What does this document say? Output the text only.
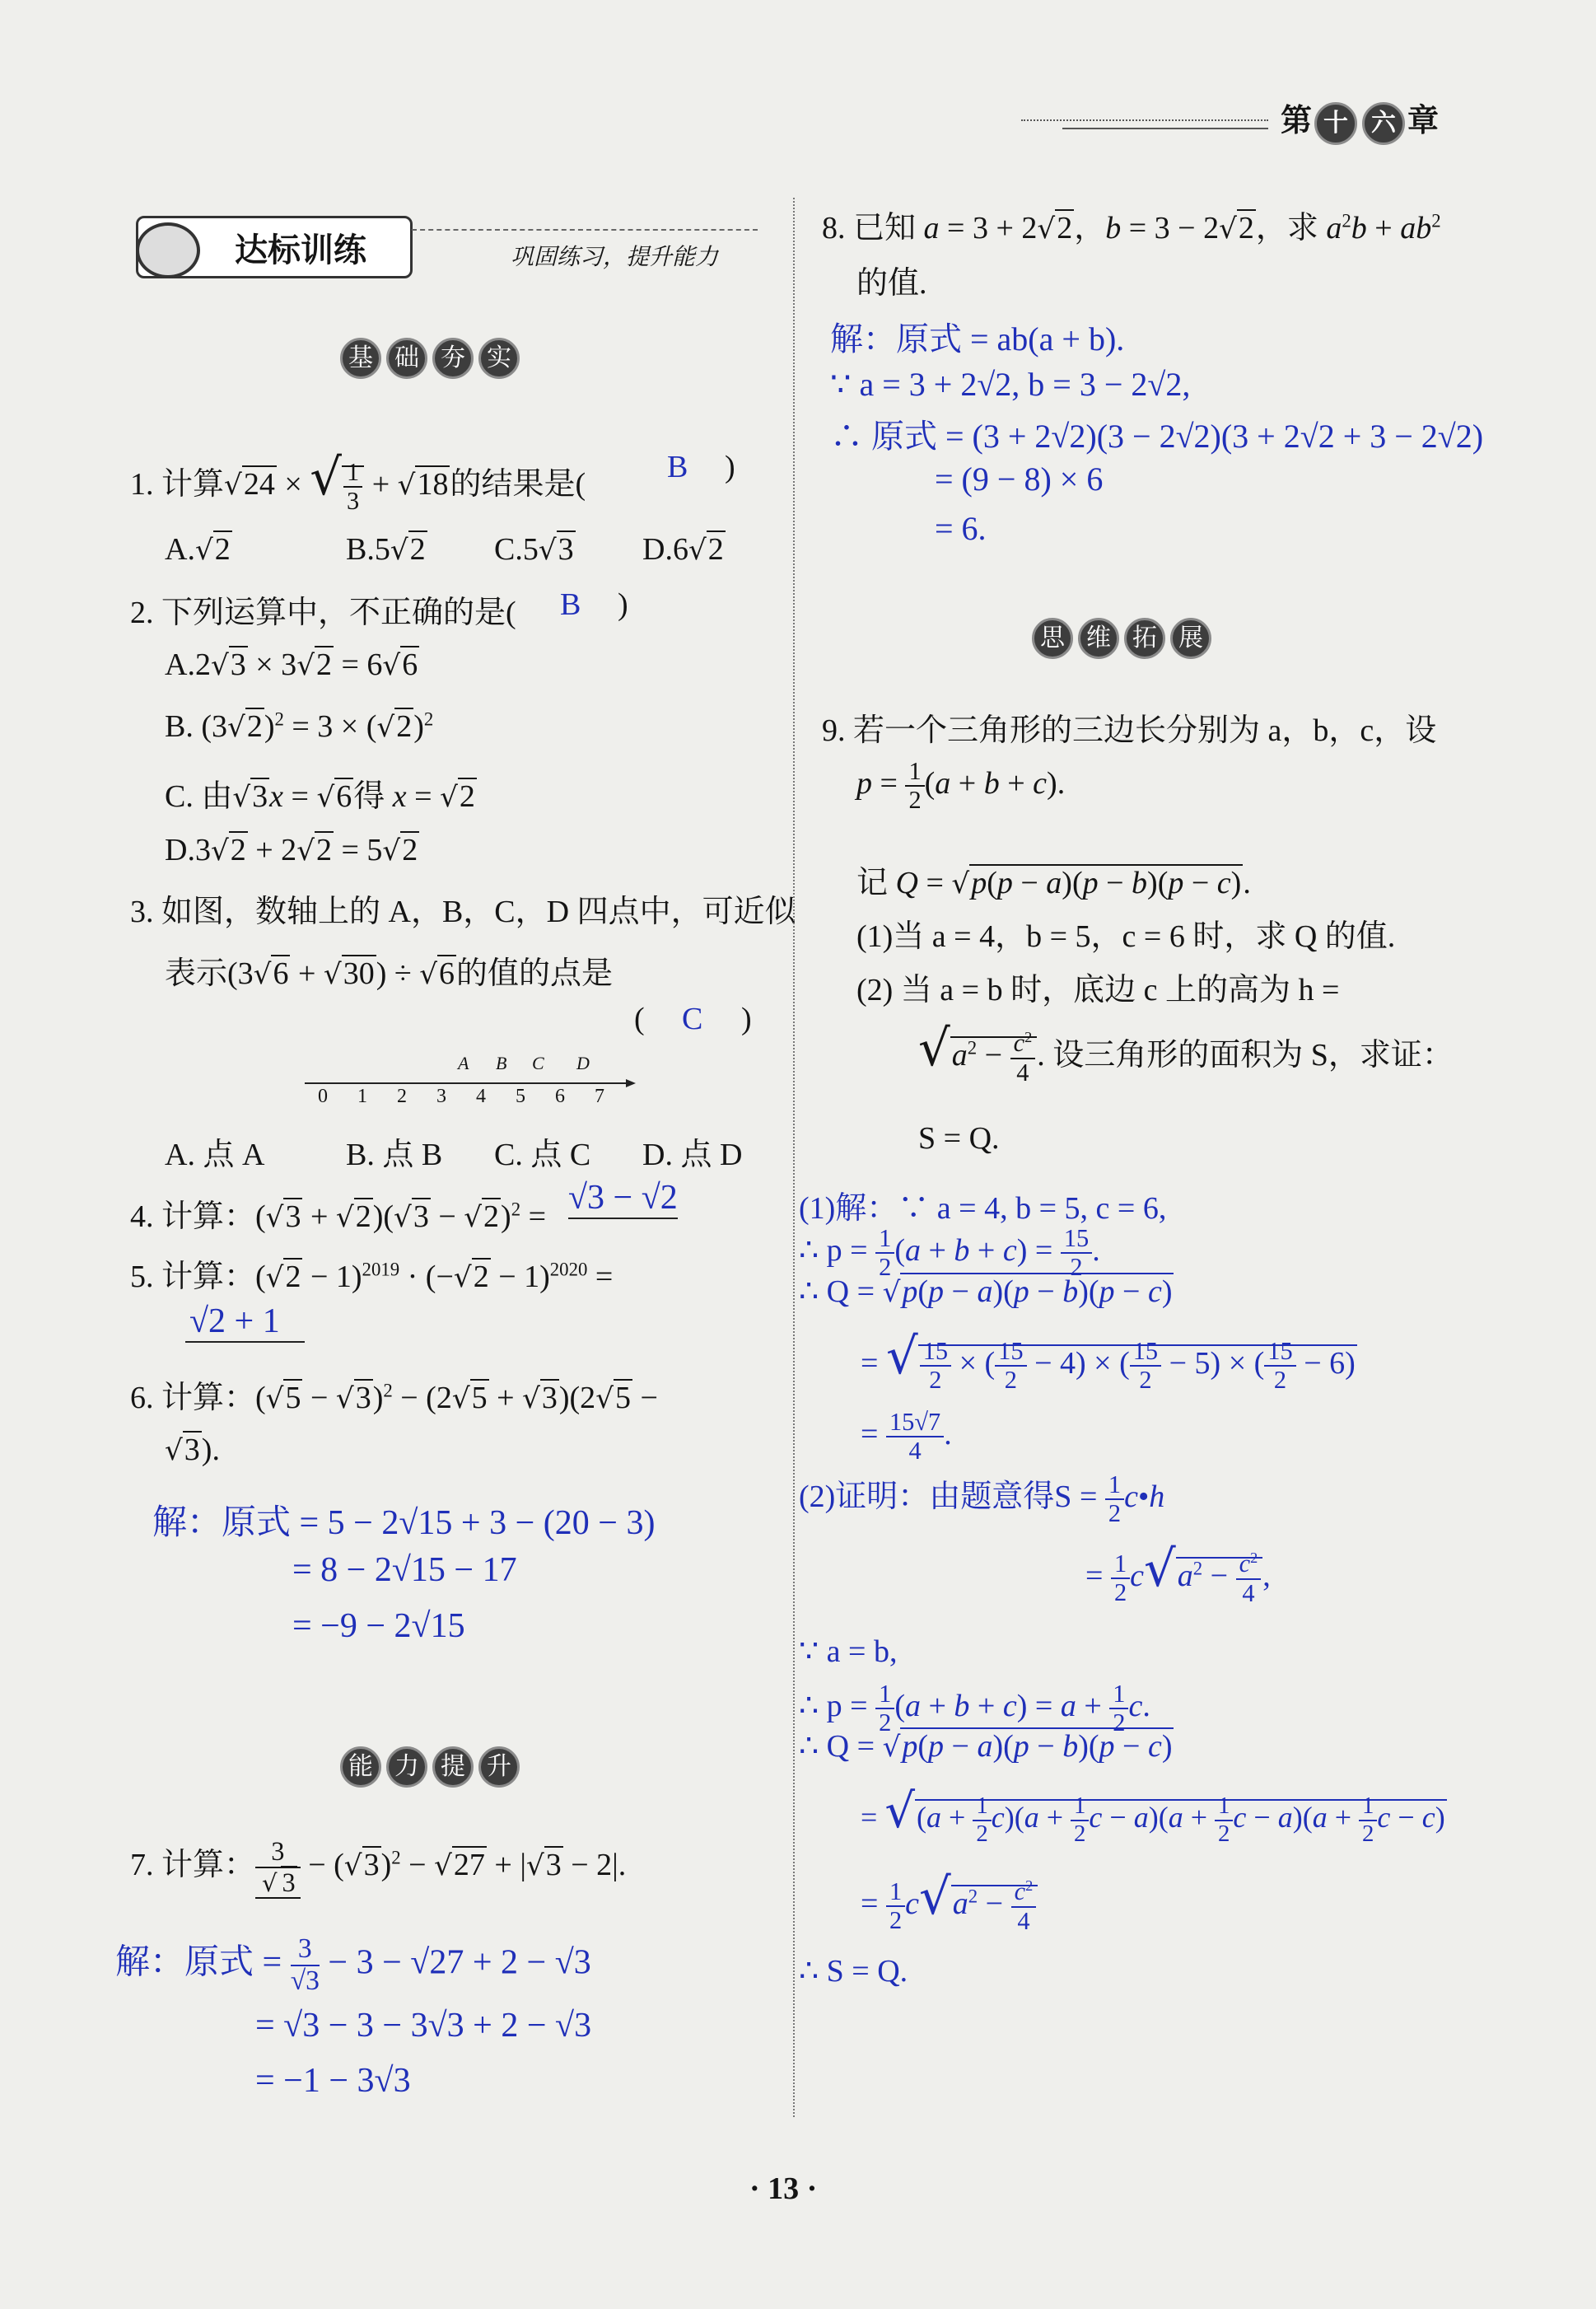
第 十 六 章
达标训练	巩固练习，提升能力
基 础 夯 实
1. 计算√24 × √ $\frac{1}{3} + √18$的结果是(	B )
A.√2	B.5√2 C.5√3 D.6√2
2. 下列运算中，不正确的是( B )
A.2√3 × 3√2 = 6√6
B. $(3√2)^2 = 3 \times (√2)^2$
C. 由√3x = √6得 x = √2
D.3√2 + 2√2 = 5√2
3. 如图，数轴上的 A，B，C，D 四点中，可近似
表示(3√6 + √30) ÷ √6的值的点是
( C )
0 1 2 3 4 5 6 7
A B C D
A. 点 A	B. 点 B C. 点 C D. 点 D
4. 计算：$(√3 + √2)(√3 - √2)^2 = √3 - √2$
5. 计算：$(√2 - 1)^{2019} \cdot (-√2 - 1)^{2020}$ =
√2 + 1
6. 计算：$(√5 - √3)^2 - (2√5 + √3)(2√5$ −
√3).
解：原式 = 5 − 2√15 + 3 − (20 − 3)
= 8 − 2√15 − 17
= −9 − 2√15
能 力 提 升
7. 计算： $\frac{3}{√ 3} - (√3)^2 - √27 + |√3 - 2|$.
解：原式 = $\frac{3}{√3} - 3 - √27 + 2 - √3$
= √3 − 3 − 3√3 + 2 − √3
= −1 − 3√3
8. 已知 a = 3 + 2√2，b = 3 − 2√2，求 $a^2b + ab^2$
的值.
解：原式 = ab(a + b).
∵ a = 3 + 2√2, b = 3 − 2√2,
∴ 原式 = (3 + 2√2)(3 − 2√2)(3 + 2√2 + 3 − 2√2)
= (9 − 8) × 6
= 6.
思 维 拓 展
9. 若一个三角形的三边长分别为 a，b，c，设
$p = \frac{1}{2} (a + b + c)$.
记 Q = √p(p − a)(p − b)(p − c).
(1)当 a = 4，b = 5，c = 6 时，求 Q 的值.
(2) 当 a = b 时，底边 c 上的高为 h =
$√a^2 - \frac{c^2}{4}$ . 设三角形的面积为 S，求证：
S = Q.
(1)解：∵ a = 4, b = 5, c = 6,
∴ $p = \frac{1}{2} (a + b + c) = \frac{15}{2}$ .
∴ Q = √p(p − a)(p − b)(p − c)
= √ $\frac{15}{2}$ × ( $\frac{15}{2} - 4$) × ( $\frac{15}{2} - 5$) × ( $\frac{15}{2} - 6$)
= $\frac{15√7}{4}$ .
(2)证明：由题意得$S = \frac{1}{2}$ c•h
= $\frac{1}{2} c√a^2 - \frac{c^2}{4}$ ,
∵ a = b,
∴ $p = \frac{1}{2} (a + b + c) = a + \frac{1}{2} c$.
∴ Q = √p(p − a)(p − b)(p − c)
= $√(a + \frac{1}{2} c)(a + \frac{1}{2}$ $c - a)(a + \frac{1}{2}$ $c - a)(a + \frac{1}{2}$ c − c)
= $\frac{1}{2} c√a^2 - \frac{c^2}{4}$
∴ S = Q.
· 13 ·
